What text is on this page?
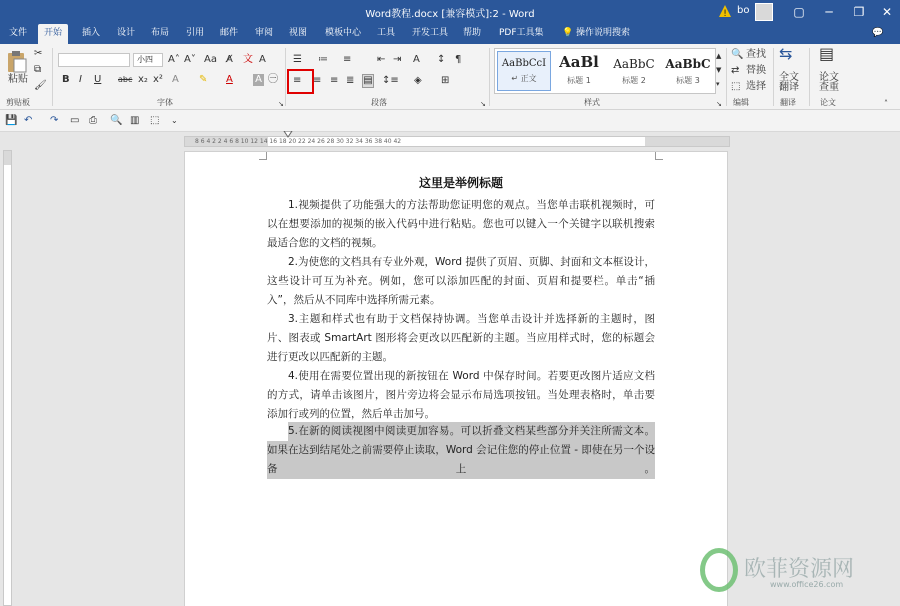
Word教程.docx [兼容模式]:2 - Word	! bo	▢	─	❐	✕
文件	开始	插入	设计	布局	引用	邮件	审阅	视图	模板中心	工具	开发工具	帮助	PDF工具集	💡 操作说明搜索	💬
粘贴
✂
⧉
🖌
剪贴板
小四	A˄ A˅ Aa A̸ 文 A
B I U abc x₂ x² A ✎ A A ㊀
字体	↘
☰ ≔ ≡	⇤ ⇥ A ↕ ¶
≡ ≡ ≡ ≣ ▤ ↕≡ ◈ ⊞
段落	↘
AaBbCcI
↵ 正文
AaBl
标题 1
AaBbC
标题 2
AaBbC
标题 3
▲
▼
▾
样式	↘
🔍 查找
⇄ 替换
⬚ 选择
编辑
⇆
全文
翻译
翻译
▤
论文
查重
论文	˄
💾 ↶ ↷ ▭ ⎙ 🔍 ▥ ⬚ ⌄
8 6 4 2 2 4 6 8 10 12 14 16 18 20 22 24 26 28 30 32 34 36 38 40 42
这里是举例标题
1.视频提供了功能强大的方法帮助您证明您的观点。当您单击联机视频时，可以在想要添加的视频的嵌入代码中进行粘贴。您也可以键入一个关键字以联机搜索最适合您的文档的视频。
2.为使您的文档具有专业外观，Word 提供了页眉、页脚、封面和文本框设计，这些设计可互为补充。例如，您可以添加匹配的封面、页眉和提要栏。单击“插入”，然后从不同库中选择所需元素。
3.主题和样式也有助于文档保持协调。当您单击设计并选择新的主题时，图片、图表或 SmartArt 图形将会更改以匹配新的主题。当应用样式时，您的标题会进行更改以匹配新的主题。
4.使用在需要位置出现的新按钮在 Word 中保存时间。若要更改图片适应文档的方式，请单击该图片，图片旁边将会显示布局选项按钮。当处理表格时，单击要添加行或列的位置，然后单击加号。
5.在新的阅读视图中阅读更加容易。可以折叠文档某些部分并关注所需文本。如果在达到结尾处之前需要停止读取，Word 会记住您的停止位置 - 即使在另一个设备上。
欧菲资源网
www.office26.com
